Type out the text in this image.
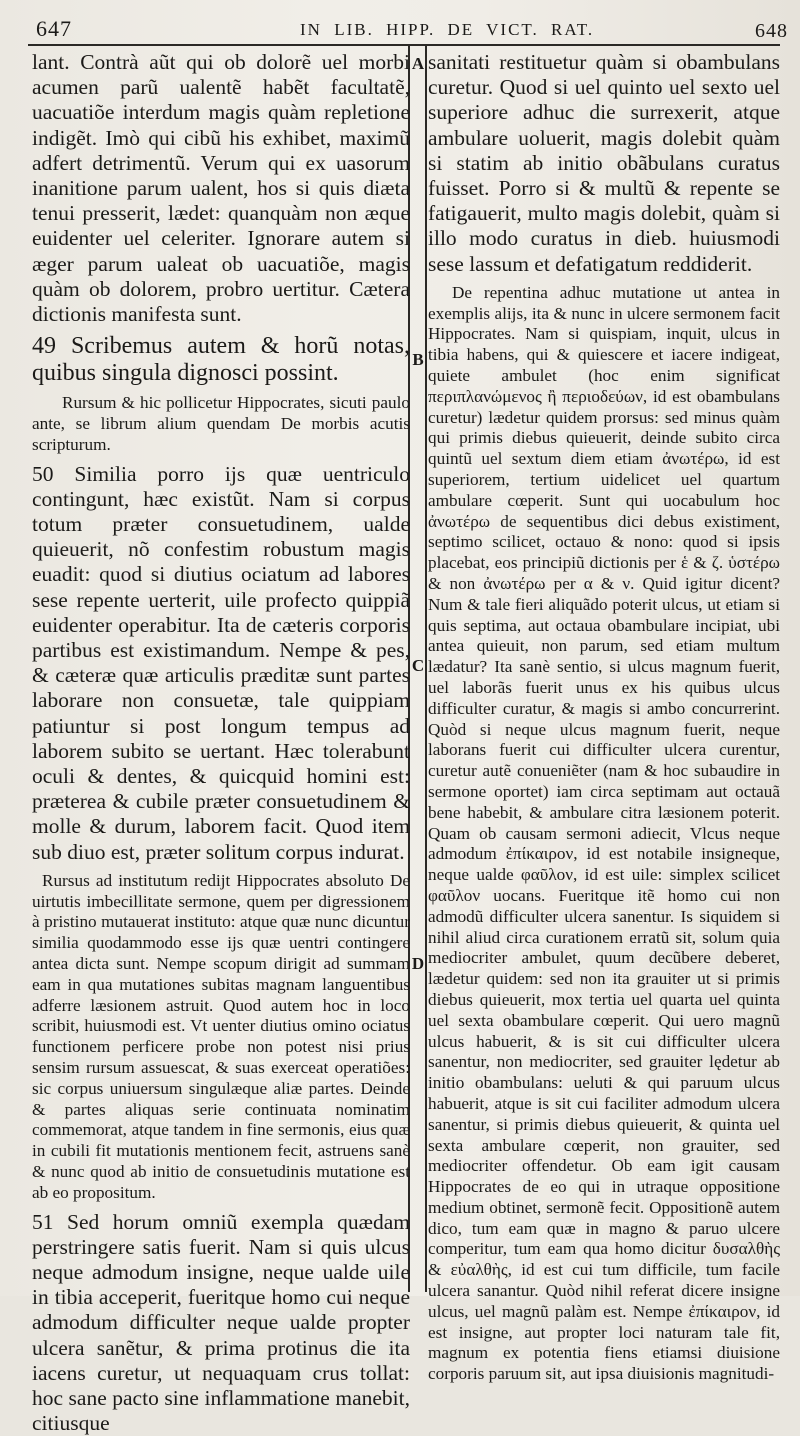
647	IN LIB. HIPP. DE VICT. RAT.	648
A
B
C
D

lant. Contrà aũt qui ob dolorẽ uel morbi acumen parũ ualentẽ habẽt facultatẽ, uacuatiõe interdum magis quàm repletione indigẽt. Imò qui cibũ his exhibet, maximũ adfert detrimentũ. Verum qui ex uasorum inanitione parum ualent, hos si quis diæta tenui presserit, lædet: quanquàm non æque euidenter uel celeriter. Ignorare autem si æger parum ualeat ob uacuatiõe, magis quàm ob dolorem, probro uertitur. Cætera dictionis manifesta sunt.

49 Scribemus autem & horũ notas, quibus singula dignosci possint.

Rursum & hic pollicetur Hippocrates, sicuti paulo ante, se librum alium quendam De morbis acutis scripturum.

50 Similia porro ijs quæ uentriculo contingunt, hæc existũt. Nam si corpus totum præter consuetudinem, ualde quieuerit, nõ confestim robustum magis euadit: quod si diutius ociatum ad labores sese repente uerterit, uile profecto quippiã euidenter operabitur. Ita de cæteris corporis partibus est existimandum. Nempe & pes, & cæteræ quæ articulis præditæ sunt partes laborare non consuetæ, tale quippiam patiuntur si post longum tempus ad laborem subito se uertant. Hæc tolerabunt oculi & dentes, & quicquid homini est: præterea & cubile præter consuetudinem & molle & durum, laborem facit. Quod item sub diuo est, præter solitum corpus indurat.

Rursus ad institutum redijt Hippocrates absoluto De uirtutis imbecillitate sermone, quem per digressionem à pristino mutauerat instituto: atque quæ nunc dicuntur similia quodammodo esse ijs quæ uentri contingere antea dicta sunt. Nempe scopum dirigit ad summam eam in qua mutationes subitas magnam languentibus adferre læsionem astruit. Quod autem hoc in loco scribit, huiusmodi est. Vt uenter diutius omino ociatus functionem perficere probe non potest nisi prius sensim rursum assuescat, & suas exerceat operatiões: sic corpus uniuersum singulæque aliæ partes. Deinde & partes aliquas serie continuata nominatim commemorat, atque tandem in fine sermonis, eius quæ in cubili fit mutationis mentionem fecit, astruens sanè & nunc quod ab initio de consuetudinis mutatione est ab eo propositum.

51 Sed horum omniũ exempla quædam perstringere satis fuerit. Nam si quis ulcus neque admodum insigne, neque ualde uile in tibia acceperit, fueritque homo cui neque admodum difficulter neque ualde propter ulcera sanẽtur, & prima protinus die ita iacens curetur, ut nequaquam crus tollat: hoc sane pacto sine inflammatione manebit, citiusque

sanitati restituetur quàm si obambulans curetur. Quod si uel quinto uel sexto uel superiore adhuc die surrexerit, atque ambulare uoluerit, magis dolebit quàm si statim ab initio obãbulans curatus fuisset. Porro si & multũ & repente se fatigauerit, multo magis dolebit, quàm si illo modo curatus in dieb. huiusmodi sese lassum et defatigatum reddiderit.

De repentina adhuc mutatione ut antea in exemplis alijs, ita & nunc in ulcere sermonem facit Hippocrates. Nam si quispiam, inquit, ulcus in tibia habens, qui & quiescere et iacere indigeat, quiete ambulet (hoc enim significat περιπλανώμενος ἢ περιοδεύων, id est obambulans curetur) lædetur quidem prorsus: sed minus quàm qui primis diebus quieuerit, deinde subito circa quintũ uel sextum diem etiam ἀνωτέρω, id est superiorem, tertium uidelicet uel quartum ambulare cœperit. Sunt qui uocabulum hoc ἀνωτέρω de sequentibus dici debus existiment, septimo scilicet, octauo & nono: quod si ipsis placebat, eos principiũ dictionis per ἑ & ζ. ὑστέρω & non ἀνωτέρω per α & ν. Quid igitur dicent? Num & tale fieri aliquãdo poterit ulcus, ut etiam si quis septima, aut octaua obambulare incipiat, ubi antea quieuit, non parum, sed etiam multum lædatur? Ita sanè sentio, si ulcus magnum fuerit, uel laborãs fuerit unus ex his quibus ulcus difficulter curatur, & magis si ambo concurrerint. Quòd si neque ulcus magnum fuerit, neque laborans fuerit cui difficulter ulcera curentur, curetur autẽ conueniẽter (nam & hoc subaudire in sermone oportet) iam circa septimam aut octauã bene habebit, & ambulare citra læsionem poterit. Quam ob causam sermoni adiecit, Vlcus neque admodum ἐπίκαιρον, id est notabile insigneque, neque ualde φαῦλον, id est uile: simplex scilicet φαῦλον uocans. Fueritque itẽ homo cui non admodũ difficulter ulcera sanentur. Is siquidem si nihil aliud circa curationem erratũ sit, solum quia mediocriter ambulet, quum decũbere deberet, lædetur quidem: sed non ita grauiter ut si primis diebus quieuerit, mox tertia uel quarta uel quinta uel sexta obambulare cœperit. Qui uero magnũ ulcus habuerit, & is sit cui difficulter ulcera sanentur, non mediocriter, sed grauiter lędetur ab initio obambulans: ueluti & qui paruum ulcus habuerit, atque is sit cui faciliter admodum ulcera sanentur, si primis diebus quieuerit, & quinta uel sexta ambulare cœperit, non grauiter, sed mediocriter offendetur. Ob eam igit causam Hippocrates de eo qui in utraque oppositione medium obtinet, sermonẽ fecit. Oppositionẽ autem dico, tum eam quæ in magno & paruo ulcere comperitur, tum eam qua homo dicitur δυσαλθὴς & εὐαλθὴς, id est cui tum difficile, tum facile ulcera sanantur. Quòd nihil referat dicere insigne ulcus, uel magnũ palàm est. Nempe ἐπίκαιρον, id est insigne, aut propter loci naturam tale fit, magnum ex potentia fiens etiamsi diuisione corporis paruum sit, aut ipsa diuisionis magnitudi-
